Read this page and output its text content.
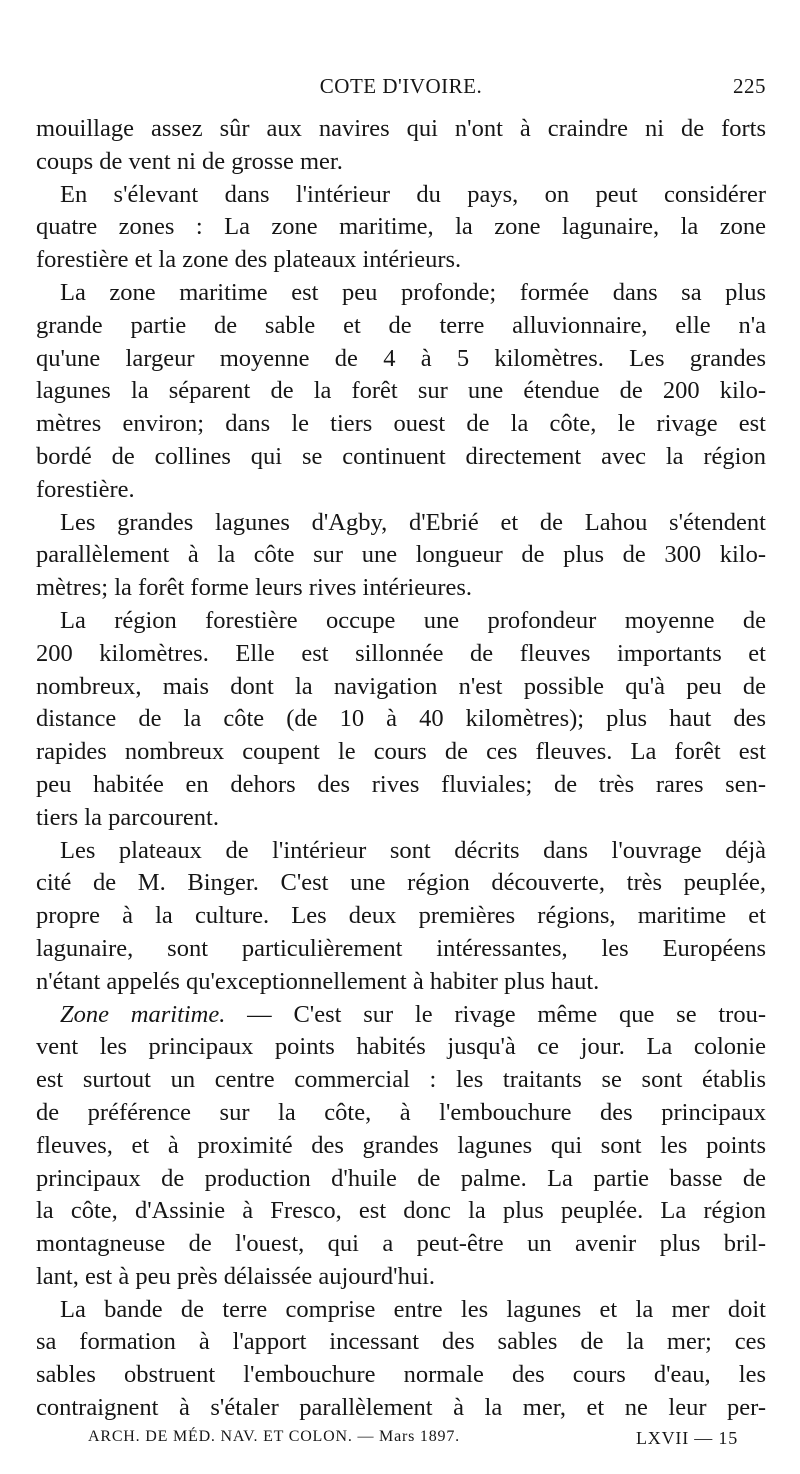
COTE D'IVOIRE.	225
mouillage assez sûr aux navires qui n'ont à craindre ni de forts
coups de vent ni de grosse mer.
En s'élevant dans l'intérieur du pays, on peut considérer
quatre zones : La zone maritime, la zone lagunaire, la zone
forestière et la zone des plateaux intérieurs.
La zone maritime est peu profonde; formée dans sa plus
grande partie de sable et de terre alluvionnaire, elle n'a
qu'une largeur moyenne de 4 à 5 kilomètres. Les grandes
lagunes la séparent de la forêt sur une étendue de 200 kilo-
mètres environ; dans le tiers ouest de la côte, le rivage est
bordé de collines qui se continuent directement avec la région
forestière.
Les grandes lagunes d'Agby, d'Ebrié et de Lahou s'étendent
parallèlement à la côte sur une longueur de plus de 300 kilo-
mètres; la forêt forme leurs rives intérieures.
La région forestière occupe une profondeur moyenne de
200 kilomètres. Elle est sillonnée de fleuves importants et
nombreux, mais dont la navigation n'est possible qu'à peu de
distance de la côte (de 10 à 40 kilomètres); plus haut des
rapides nombreux coupent le cours de ces fleuves. La forêt est
peu habitée en dehors des rives fluviales; de très rares sen-
tiers la parcourent.
Les plateaux de l'intérieur sont décrits dans l'ouvrage déjà
cité de M. Binger. C'est une région découverte, très peuplée,
propre à la culture. Les deux premières régions, maritime et
lagunaire, sont particulièrement intéressantes, les Européens
n'étant appelés qu'exceptionnellement à habiter plus haut.
Zone maritime. — C'est sur le rivage même que se trou-
vent les principaux points habités jusqu'à ce jour. La colonie
est surtout un centre commercial : les traitants se sont établis
de préférence sur la côte, à l'embouchure des principaux
fleuves, et à proximité des grandes lagunes qui sont les points
principaux de production d'huile de palme. La partie basse de
la côte, d'Assinie à Fresco, est donc la plus peuplée. La région
montagneuse de l'ouest, qui a peut-être un avenir plus bril-
lant, est à peu près délaissée aujourd'hui.
La bande de terre comprise entre les lagunes et la mer doit
sa formation à l'apport incessant des sables de la mer; ces
sables obstruent l'embouchure normale des cours d'eau, les
contraignent à s'étaler parallèlement à la mer, et ne leur per-
ARCH. DE MÉD. NAV. ET COLON. — Mars 1897.	LXVII — 15
